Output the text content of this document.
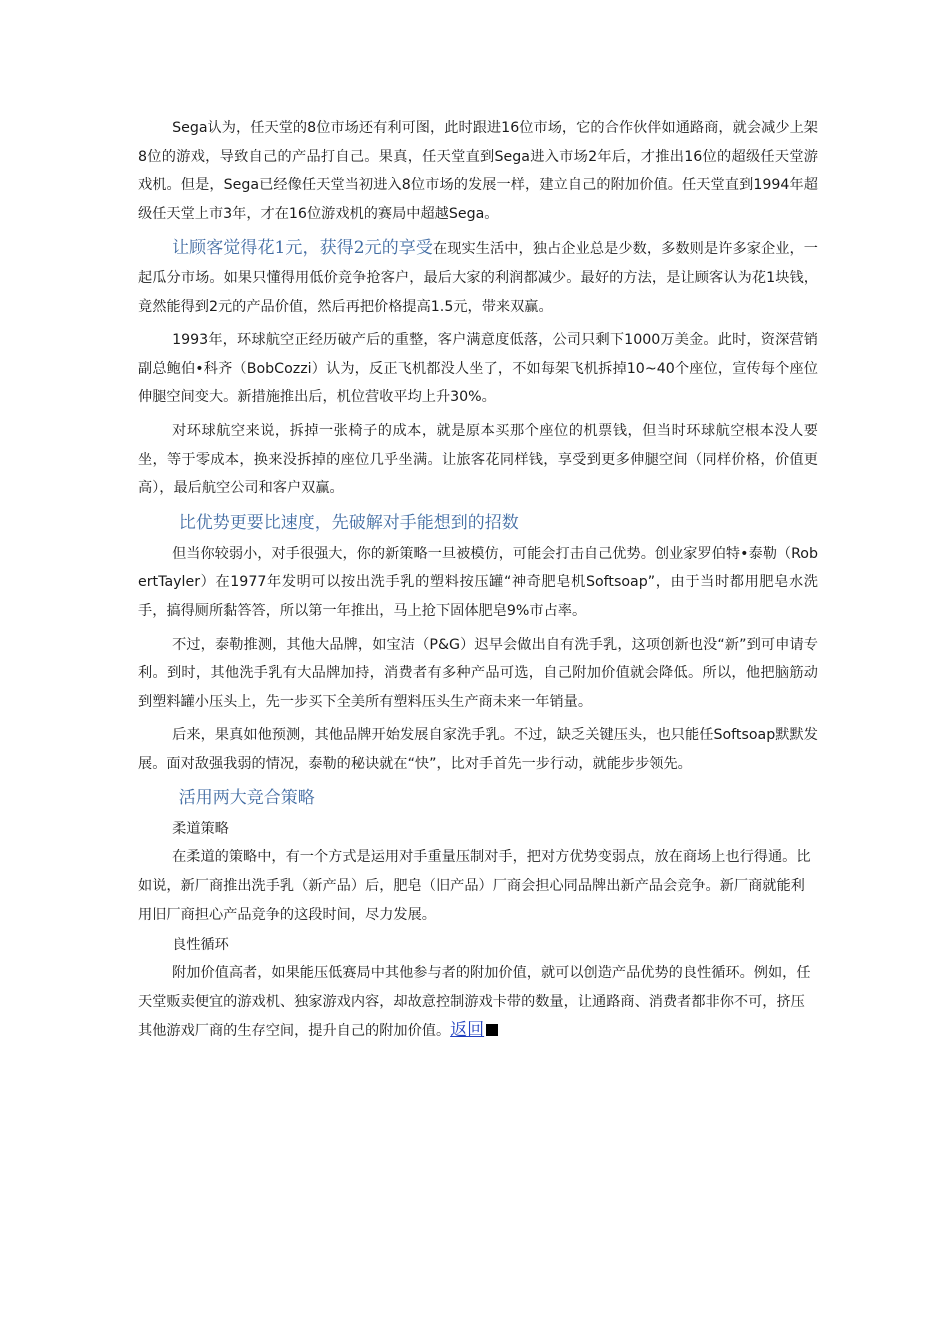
Sega认为，任天堂的8位市场还有利可图，此时跟进16位市场，它的合作伙伴如通路商，就会减少上架8位的游戏，导致自己的产品打自己。果真，任天堂直到Sega进入市场2年后，才推出16位的超级任天堂游戏机。但是，Sega已经像任天堂当初进入8位市场的发展一样，建立自己的附加价值。任天堂直到1994年超级任天堂上市3年，才在16位游戏机的赛局中超越Sega。

让顾客觉得花1元，获得2元的享受在现实生活中，独占企业总是少数，多数则是许多家企业，一起瓜分市场。如果只懂得用低价竞争抢客户，最后大家的利润都减少。最好的方法，是让顾客认为花1块钱，竟然能得到2元的产品价值，然后再把价格提高1.5元，带来双赢。

1993年，环球航空正经历破产后的重整，客户满意度低落，公司只剩下1000万美金。此时，资深营销副总鲍伯•科齐（BobCozzi）认为，反正飞机都没人坐了，不如每架飞机拆掉10~40个座位，宣传每个座位伸腿空间变大。新措施推出后，机位营收平均上升30%。

对环球航空来说，拆掉一张椅子的成本，就是原本买那个座位的机票钱，但当时环球航空根本没人要坐，等于零成本，换来没拆掉的座位几乎坐满。让旅客花同样钱，享受到更多伸腿空间（同样价格，价值更高），最后航空公司和客户双赢。

比优势更要比速度，先破解对手能想到的招数

但当你较弱小，对手很强大，你的新策略一旦被模仿，可能会打击自己优势。创业家罗伯特•泰勒（RobertTayler）在1977年发明可以按出洗手乳的塑料按压罐“神奇肥皂机Softsoap”，由于当时都用肥皂水洗手，搞得厕所黏答答，所以第一年推出，马上抢下固体肥皂9%市占率。

不过，泰勒推测，其他大品牌，如宝洁（P&G）迟早会做出自有洗手乳，这项创新也没“新”到可申请专利。到时，其他洗手乳有大品牌加持，消费者有多种产品可选，自己附加价值就会降低。所以，他把脑筋动到塑料罐小压头上，先一步买下全美所有塑料压头生产商未来一年销量。

后来，果真如他预测，其他品牌开始发展自家洗手乳。不过，缺乏关键压头，也只能任Softsoap默默发展。面对敌强我弱的情况，泰勒的秘诀就在“快”，比对手首先一步行动，就能步步领先。

活用两大竞合策略

柔道策略

在柔道的策略中，有一个方式是运用对手重量压制对手，把对方优势变弱点，放在商场上也行得通。比如说，新厂商推出洗手乳（新产品）后，肥皂（旧产品）厂商会担心同品牌出新产品会竞争。新厂商就能利用旧厂商担心产品竞争的这段时间，尽力发展。

良性循环

附加价值高者，如果能压低赛局中其他参与者的附加价值，就可以创造产品优势的良性循环。例如，任天堂贩卖便宜的游戏机、独家游戏内容，却故意控制游戏卡带的数量，让通路商、消费者都非你不可，挤压其他游戏厂商的生存空间，提升自己的附加价值。返回
